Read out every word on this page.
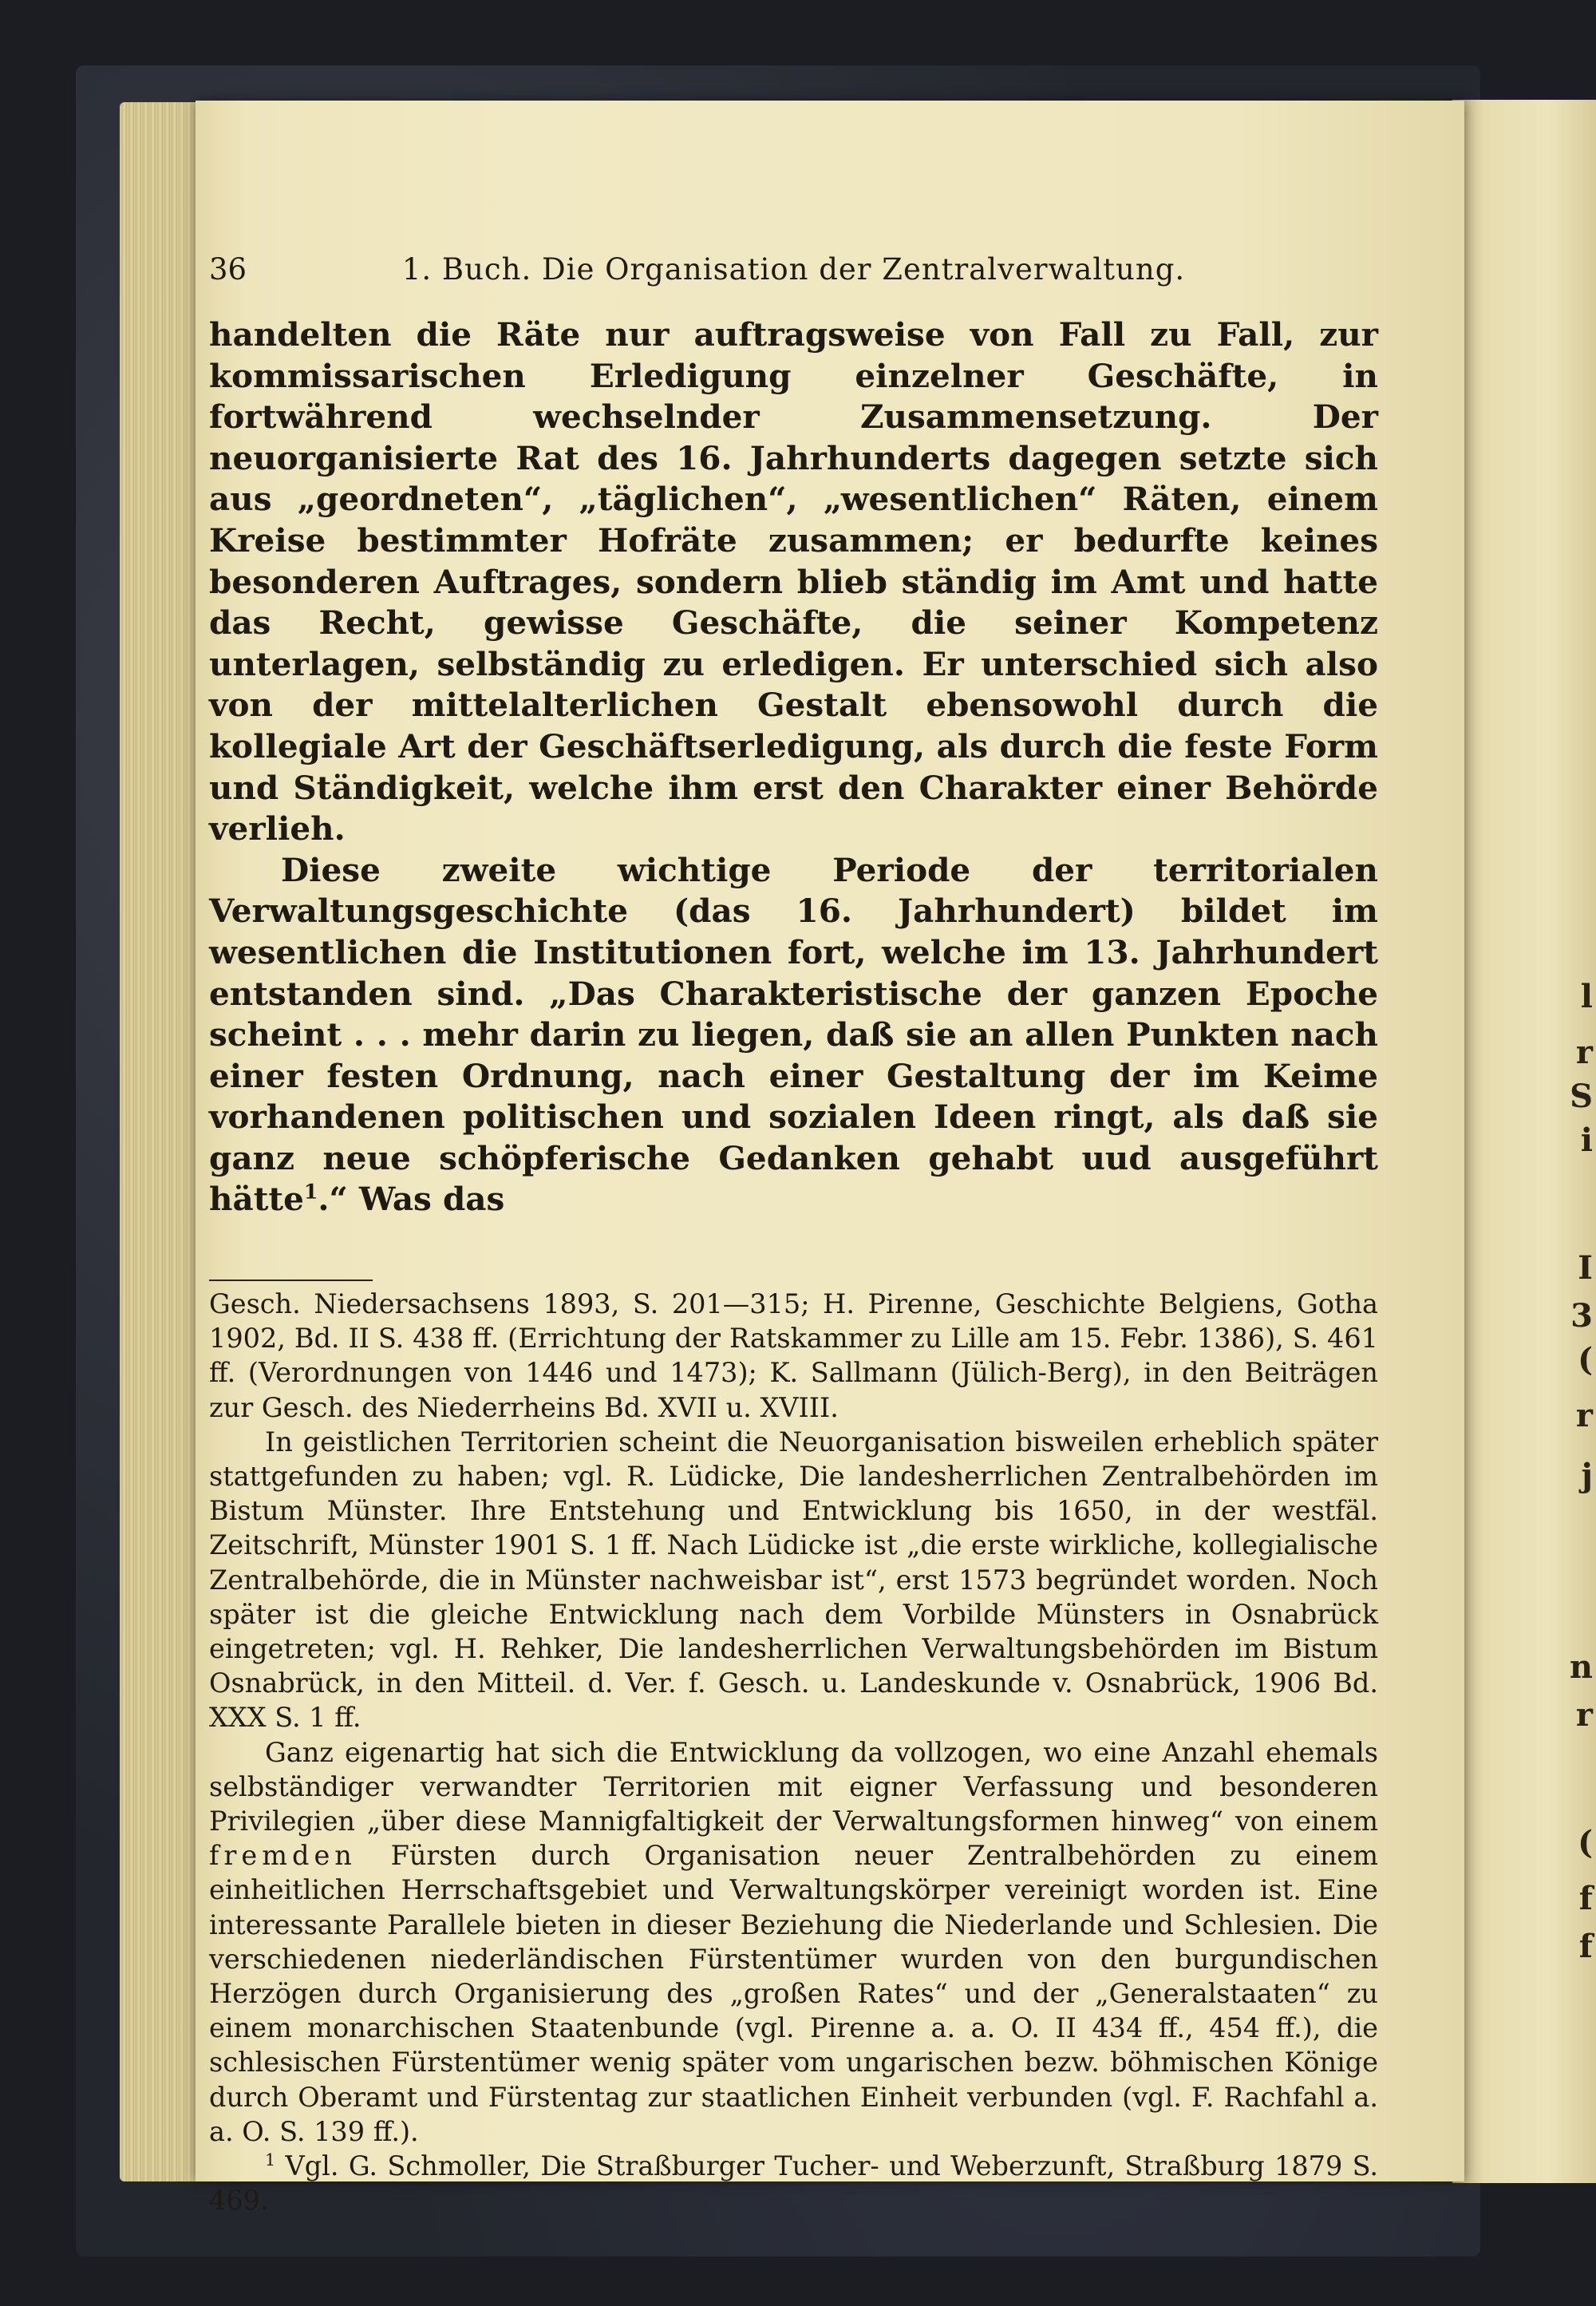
l
r
S
i
I
3
(
r
j
n
r
(
f
f
36	1. Buch. Die Organisation der Zentralverwaltung.

handelten die Räte nur auftragsweise von Fall zu Fall, zur kommissarischen Erledigung einzelner Geschäfte, in fortwährend wechselnder Zusammensetzung. Der neuorganisierte Rat des 16. Jahrhunderts dagegen setzte sich aus „geordneten“, „täglichen“, „wesentlichen“ Räten, einem Kreise bestimmter Hofräte zusammen; er bedurfte keines besonderen Auftrages, sondern blieb ständig im Amt und hatte das Recht, gewisse Geschäfte, die seiner Kompetenz unterlagen, selbständig zu erledigen. Er unterschied sich also von der mittelalterlichen Gestalt ebensowohl durch die kollegiale Art der Geschäftserledigung, als durch die feste Form und Ständigkeit, welche ihm erst den Charakter einer Behörde verlieh.

Diese zweite wichtige Periode der territorialen Verwaltungsgeschichte (das 16. Jahrhundert) bildet im wesentlichen die Institutionen fort, welche im 13. Jahrhundert entstanden sind. „Das Charakteristische der ganzen Epoche scheint . . . mehr darin zu liegen, daß sie an allen Punkten nach einer festen Ordnung, nach einer Gestaltung der im Keime vorhandenen politischen und sozialen Ideen ringt, als daß sie ganz neue schöpferische Gedanken gehabt uud ausgeführt hätte$^1$.“ Was das

Gesch. Niedersachsens 1893, S. 201—315; H. Pirenne, Geschichte Belgiens, Gotha 1902, Bd. II S. 438 ff. (Errichtung der Ratskammer zu Lille am 15. Febr. 1386), S. 461 ff. (Verordnungen von 1446 und 1473); K. Sallmann (Jülich-Berg), in den Beiträgen zur Gesch. des Niederrheins Bd. XVII u. XVIII.

In geistlichen Territorien scheint die Neuorganisation bisweilen erheblich später stattgefunden zu haben; vgl. R. Lüdicke, Die landesherrlichen Zentralbehörden im Bistum Münster. Ihre Entstehung und Entwicklung bis 1650, in der westfäl. Zeitschrift, Münster 1901 S. 1 ff. Nach Lüdicke ist „die erste wirkliche, kollegialische Zentralbehörde, die in Münster nachweisbar ist“, erst 1573 begründet worden. Noch später ist die gleiche Entwicklung nach dem Vorbilde Münsters in Osnabrück eingetreten; vgl. H. Rehker, Die landesherrlichen Verwaltungsbehörden im Bistum Osnabrück, in den Mitteil. d. Ver. f. Gesch. u. Landeskunde v. Osnabrück, 1906 Bd. XXX S. 1 ff.

Ganz eigenartig hat sich die Entwicklung da vollzogen, wo eine Anzahl ehemals selbständiger verwandter Territorien mit eigner Verfassung und besonderen Privilegien „über diese Mannigfaltigkeit der Verwaltungsformen hinweg“ von einem fremden Fürsten durch Organisation neuer Zentralbehörden zu einem einheitlichen Herrschaftsgebiet und Verwaltungskörper vereinigt worden ist. Eine interessante Parallele bieten in dieser Beziehung die Niederlande und Schlesien. Die verschiedenen niederländischen Fürstentümer wurden von den burgundischen Herzögen durch Organisierung des „großen Rates“ und der „Generalstaaten“ zu einem monarchischen Staatenbunde (vgl. Pirenne a. a. O. II 434 ff., 454 ff.), die schlesischen Fürstentümer wenig später vom ungarischen bezw. böhmischen Könige durch Oberamt und Fürstentag zur staatlichen Einheit verbunden (vgl. F. Rachfahl a. a. O. S. 139 ff.).

$^1$ Vgl. G. Schmoller, Die Straßburger Tucher- und Weberzunft, Straßburg 1879 S. 469.
